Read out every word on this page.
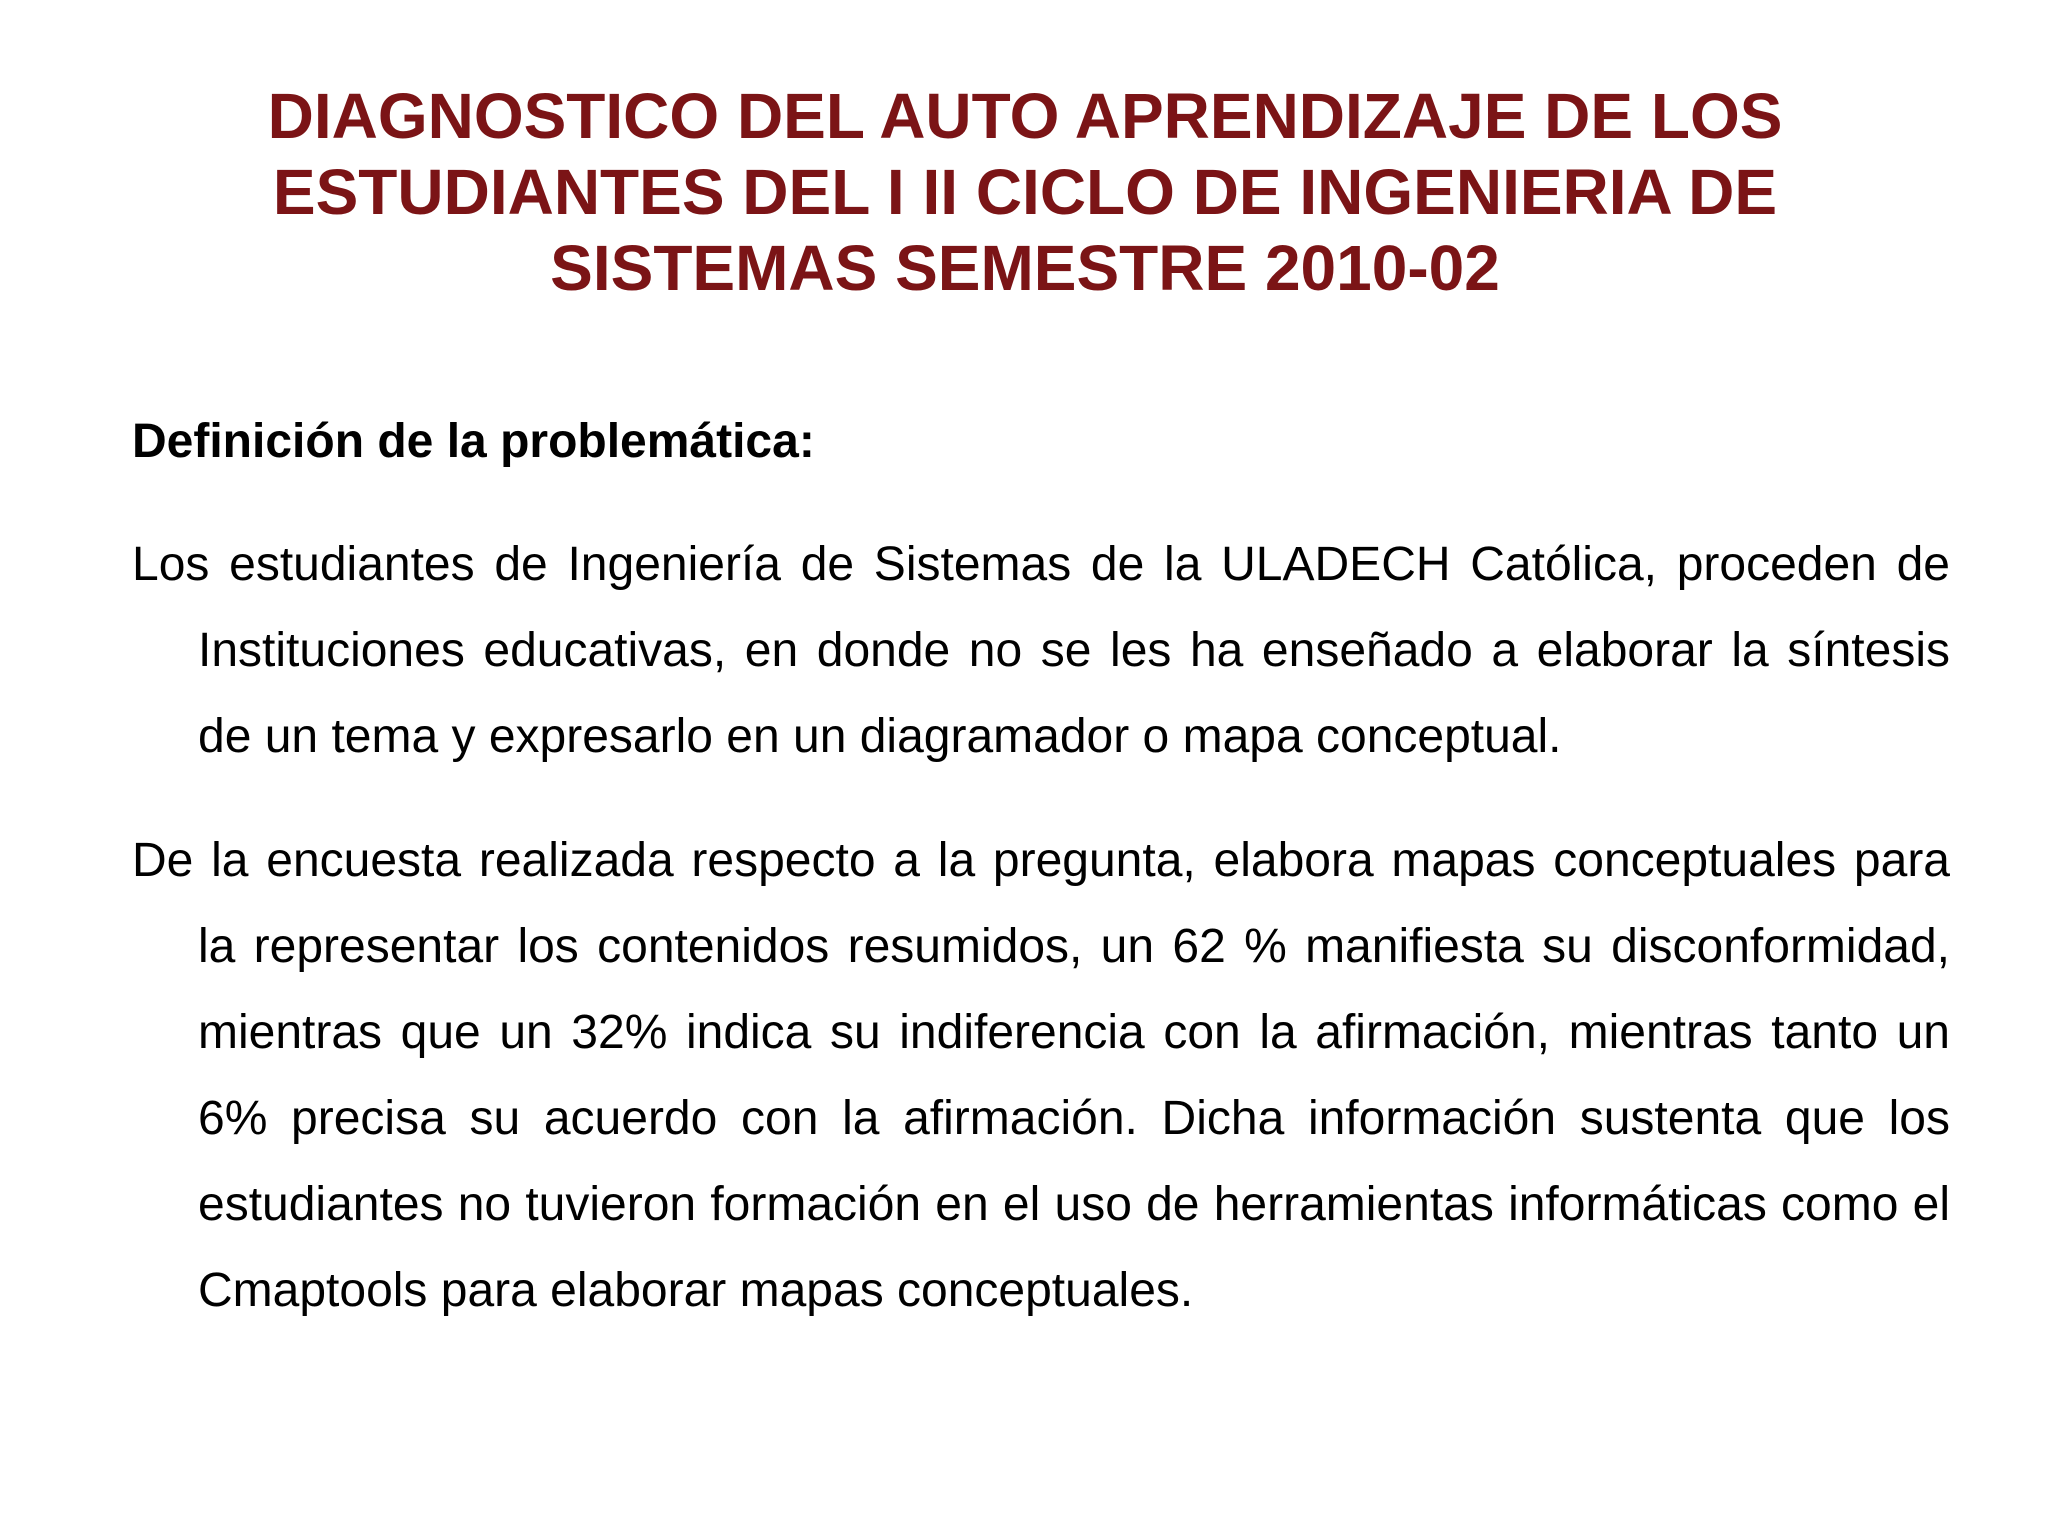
DIAGNOSTICO DEL AUTO APRENDIZAJE DE LOS
ESTUDIANTES DEL I II CICLO DE INGENIERIA DE
SISTEMAS SEMESTRE 2010-02
Definición de la problemática:

Los estudiantes de Ingeniería de Sistemas de la ULADECH Católica, proceden de Instituciones educativas, en donde no se les ha enseñado a elaborar la síntesis de un tema y expresarlo en un diagramador o mapa conceptual.

De la encuesta realizada respecto a la pregunta, elabora mapas conceptuales para la representar los contenidos resumidos, un 62 % manifiesta su disconformidad, mientras que un 32% indica su indiferencia con la afirmación, mientras tanto un 6% precisa su acuerdo con la afirmación. Dicha información sustenta que los estudiantes no tuvieron formación en el uso de herramientas informáticas como el Cmaptools para elaborar mapas conceptuales.
